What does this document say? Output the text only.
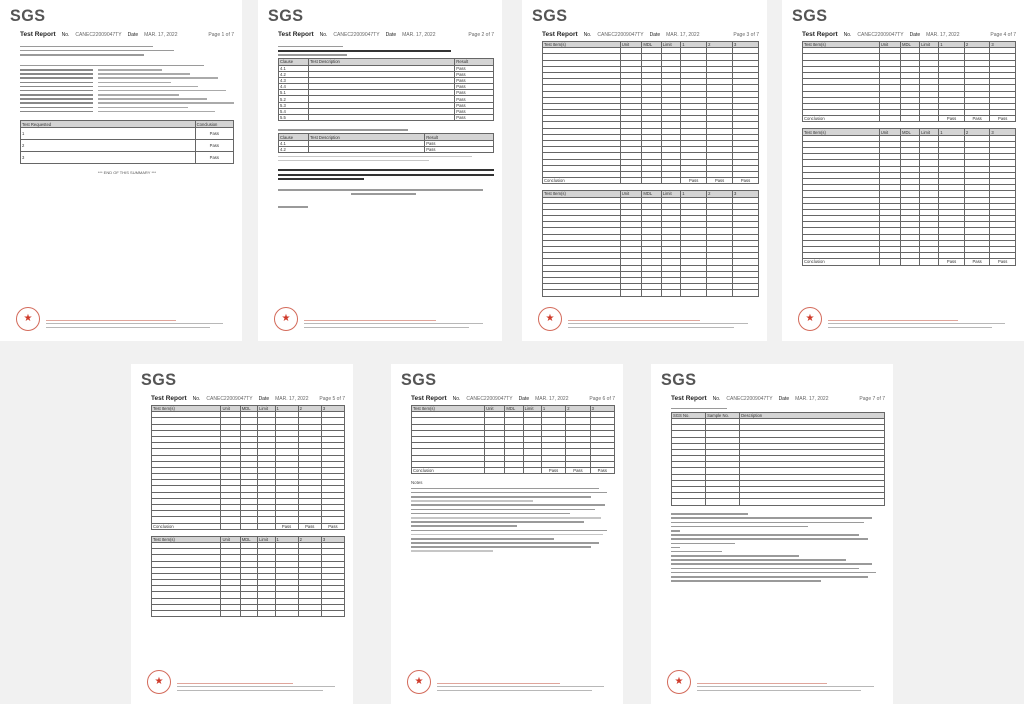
SGS
Test Report No. CANEC22009047TY Date MAR. 17, 2022	Page 1 of 7
Test Requested	Conclusion
1	Pass
2	Pass
3	Pass
*** END OF THIS SUMMARY ***
★
SGS
Test Report No. CANEC22009047TY Date MAR. 17, 2022	Page 2 of 7
Clause	Test Description	Result
4.1		Pass
4.2		Pass
4.3		Pass
4.4		Pass
5.1		Pass
5.2		Pass
5.3		Pass
5.4		Pass
5.5		Pass
Clause	Test Description	Result
4.1		Pass
4.2		Pass
★
SGS
Test Report No. CANEC22009047TY Date MAR. 17, 2022	Page 3 of 7
Test Item(s)	Unit	MDL	Limit	1	2	3

Conclusion				Pass	Pass	Pass
Test Item(s)	Unit	MDL	Limit	1	2	3

★
SGS
Test Report No. CANEC22009047TY Date MAR. 17, 2022	Page 4 of 7
Test Item(s)	Unit	MDL	Limit	1	2	3

Conclusion				Pass	Pass	Pass
Test Item(s)	Unit	MDL	Limit	1	2	3

Conclusion				Pass	Pass	Pass
★
SGS
Test Report No. CANEC22009047TY Date MAR. 17, 2022 Page 5 of 7
Test Item(s)	Unit	MDL	Limit	1	2	3

Conclusion				Pass	Pass	Pass
Test Item(s)	Unit	MDL	Limit	1	2	3

★
SGS
Test Report No. CANEC22009047TY Date MAR. 17, 2022	Page 6 of 7
Test Item(s)	Unit	MDL	Limit	1	2	3

Conclusion				Pass	Pass	Pass
Notes
★
SGS
Test Report No. CANEC22009047TY Date MAR. 17, 2022	Page 7 of 7
SGS No.	Sample No.	Description

★
